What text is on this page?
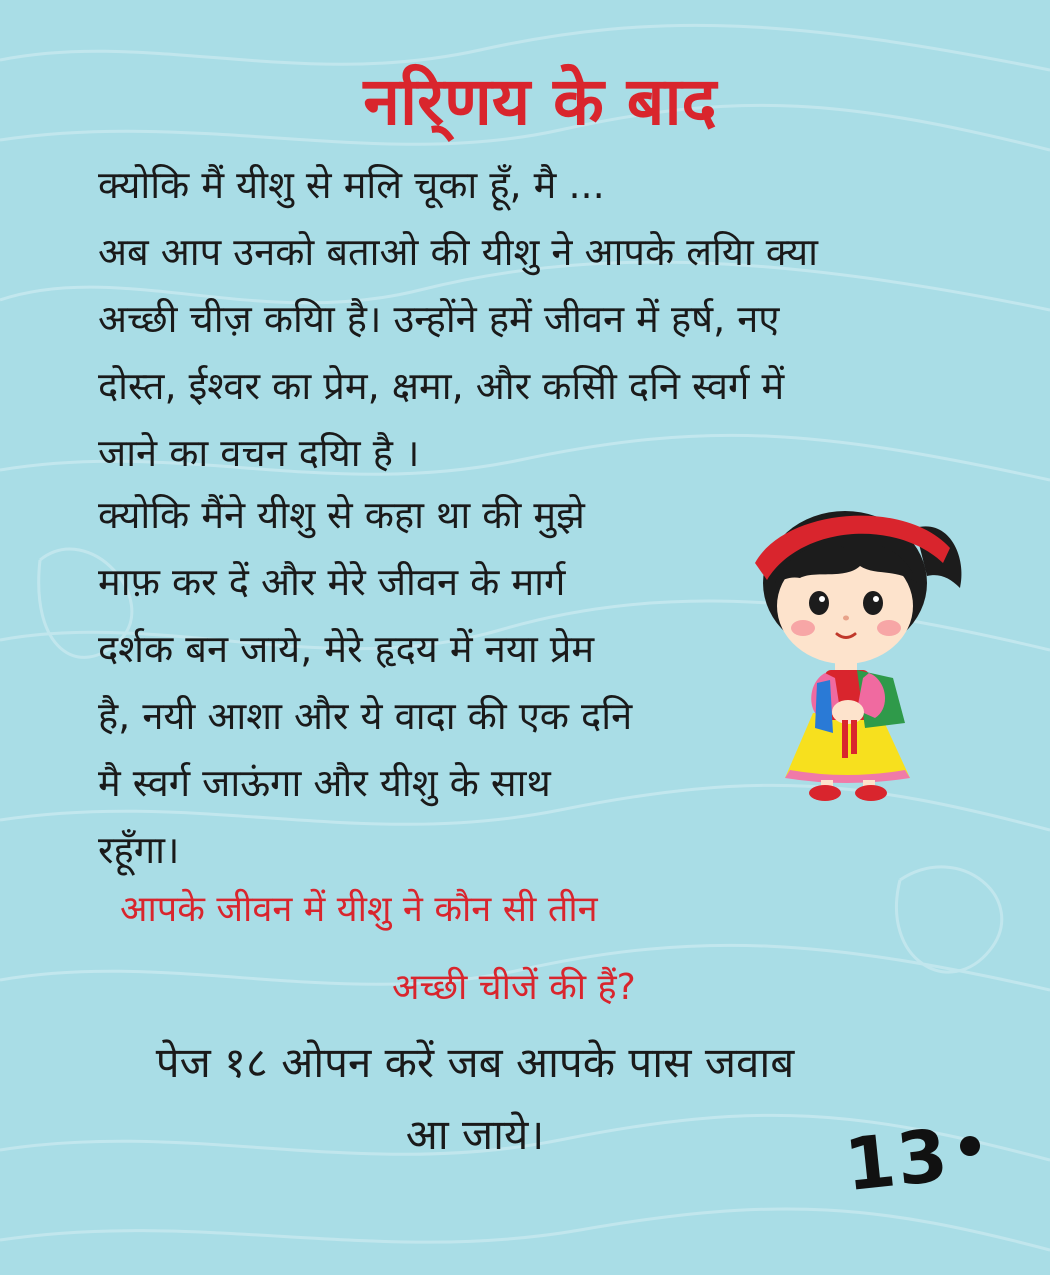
नरि्णय के बाद
क्योकि मैं यीशु से मलि चूका हूँ, मै ...
अब आप उनको बताओ की यीशु ने आपके लयिा क्या
अच्छी चीज़ कयिा है। उन्होंने हमें जीवन में हर्ष, नए
दोस्त, ईश्वर का प्रेम, क्षमा, और कसिी दनि स्वर्ग में
जाने का वचन दयिा है ।
क्योकि मैंने यीशु से कहा था की मुझे
माफ़ कर दें और मेरे जीवन के मार्ग
दर्शक बन जाये, मेरे हृदय में नया प्रेम
है, नयी आशा और ये वादा की एक दनि
मै स्वर्ग जाऊंगा और यीशु के साथ
रहूँगा।

आपके जीवन में यीशु ने कौन सी तीन

अच्छी चीजें की हैं?

पेज १८ ओपन करें जब आपके पास जवाब

आ जाये।	13
